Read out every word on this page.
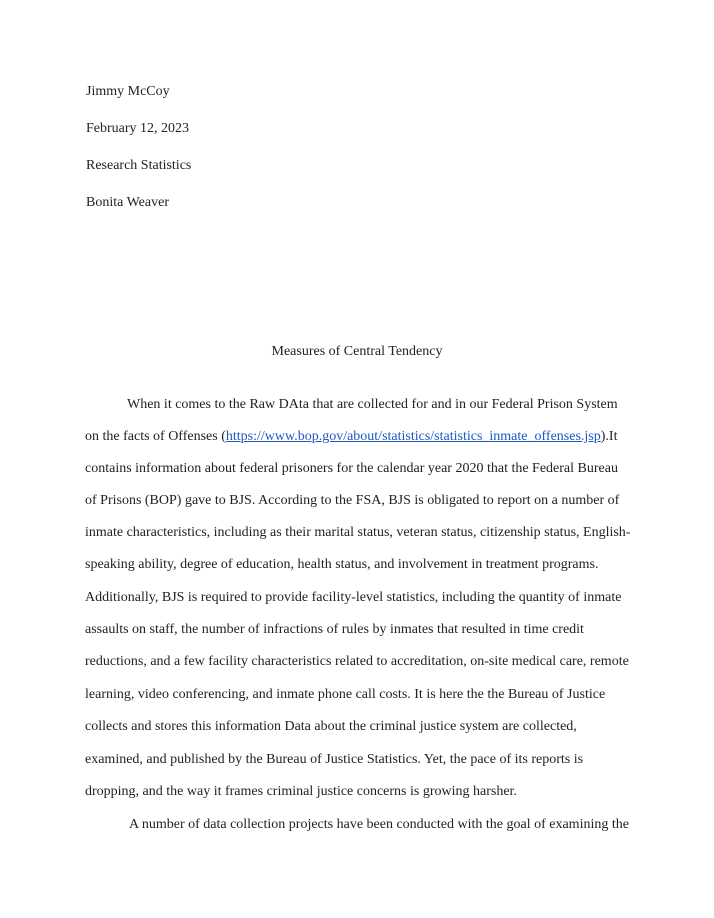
Jimmy McCoy
February 12, 2023
Research Statistics
Bonita Weaver
Measures of Central Tendency
When it comes to the Raw DAta that are collected for and in our Federal Prison System
on the facts of Offenses (https://www.bop.gov/about/statistics/statistics_inmate_offenses.jsp).It
contains information about federal prisoners for the calendar year 2020 that the Federal Bureau
of Prisons (BOP) gave to BJS. According to the FSA, BJS is obligated to report on a number of
inmate characteristics, including as their marital status, veteran status, citizenship status, English-
speaking ability, degree of education, health status, and involvement in treatment programs.
Additionally, BJS is required to provide facility-level statistics, including the quantity of inmate
assaults on staff, the number of infractions of rules by inmates that resulted in time credit
reductions, and a few facility characteristics related to accreditation, on-site medical care, remote
learning, video conferencing, and inmate phone call costs. It is here the the Bureau of Justice
collects and stores this information Data about the criminal justice system are collected,
examined, and published by the Bureau of Justice Statistics. Yet, the pace of its reports is
dropping, and the way it frames criminal justice concerns is growing harsher.
A number of data collection projects have been conducted with the goal of examining the
